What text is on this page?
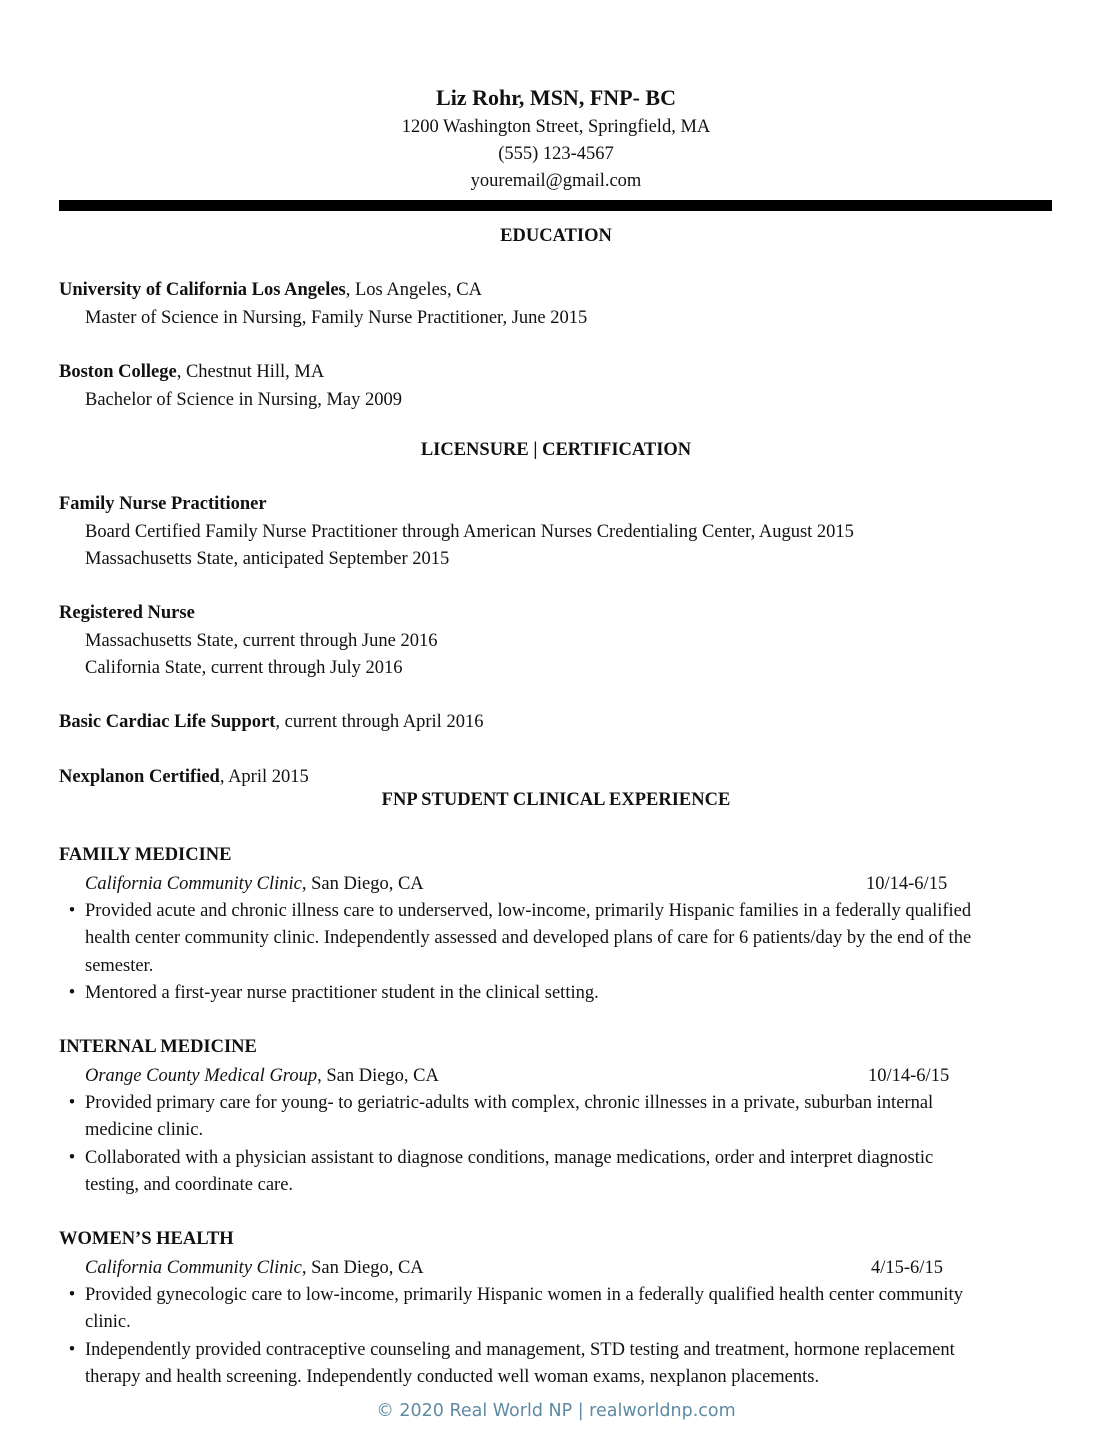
Liz Rohr, MSN, FNP- BC
1200 Washington Street, Springfield, MA
(555) 123-4567
youremail@gmail.com
EDUCATION
University of California Los Angeles, Los Angeles, CA
Master of Science in Nursing, Family Nurse Practitioner, June 2015
Boston College, Chestnut Hill, MA
Bachelor of Science in Nursing, May 2009
LICENSURE | CERTIFICATION
Family Nurse Practitioner
Board Certified Family Nurse Practitioner through American Nurses Credentialing Center, August 2015
Massachusetts State, anticipated September 2015
Registered Nurse
Massachusetts State, current through June 2016
California State, current through July 2016
Basic Cardiac Life Support, current through April 2016
Nexplanon Certified, April 2015
FNP STUDENT CLINICAL EXPERIENCE
FAMILY MEDICINE
California Community Clinic, San Diego, CA	10/14-6/15
• Provided acute and chronic illness care to underserved, low-income, primarily Hispanic families in a federally qualified
health center community clinic. Independently assessed and developed plans of care for 6 patients/day by the end of the
semester.
• Mentored a first-year nurse practitioner student in the clinical setting.
INTERNAL MEDICINE
Orange County Medical Group, San Diego, CA	10/14-6/15
• Provided primary care for young- to geriatric-adults with complex, chronic illnesses in a private, suburban internal
medicine clinic.
• Collaborated with a physician assistant to diagnose conditions, manage medications, order and interpret diagnostic
testing, and coordinate care.
WOMEN’S HEALTH
California Community Clinic, San Diego, CA	4/15-6/15
• Provided gynecologic care to low-income, primarily Hispanic women in a federally qualified health center community
clinic.
• Independently provided contraceptive counseling and management, STD testing and treatment, hormone replacement
therapy and health screening. Independently conducted well woman exams, nexplanon placements.
© 2020 Real World NP | realworldnp.com
